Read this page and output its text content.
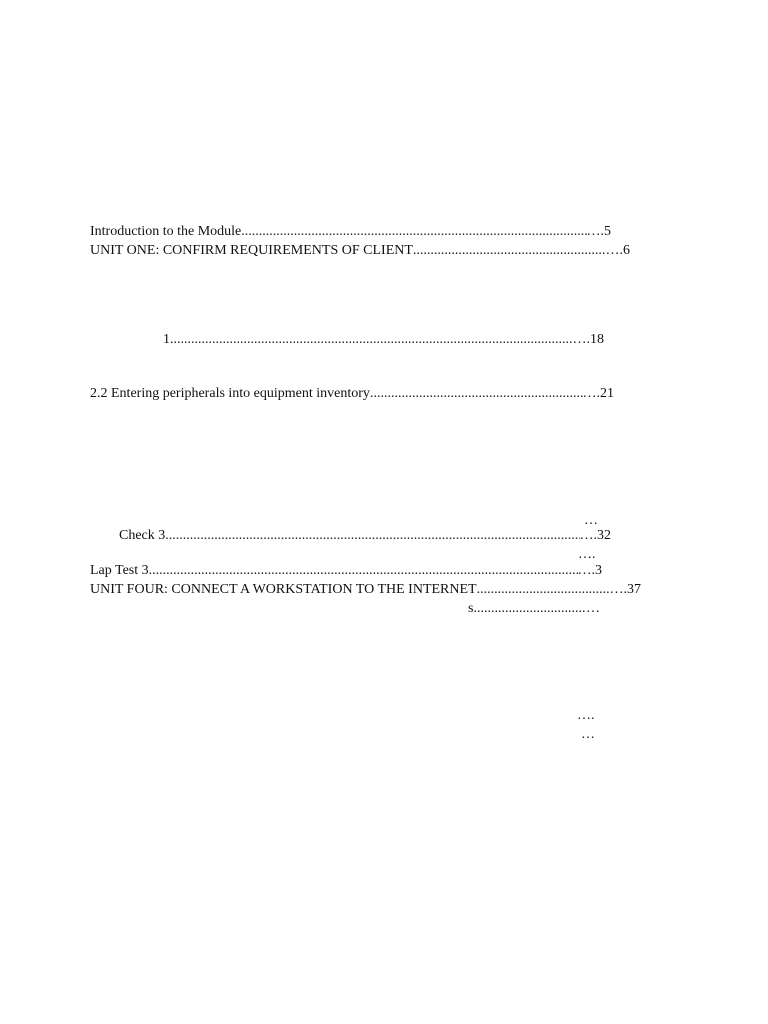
Introduction to the Module .....	….5
UNIT ONE: CONFIRM REQUIREMENTS OF CLIENT .....	….6
1 .....	….18
2.2 Entering peripherals into equipment inventory .....	….21
…
Check 3 .....	….32
….
Lap Test 3 .....	….3
UNIT FOUR: CONNECT A WORKSTATION TO THE INTERNET .....	….37
s .....	…
….
…
